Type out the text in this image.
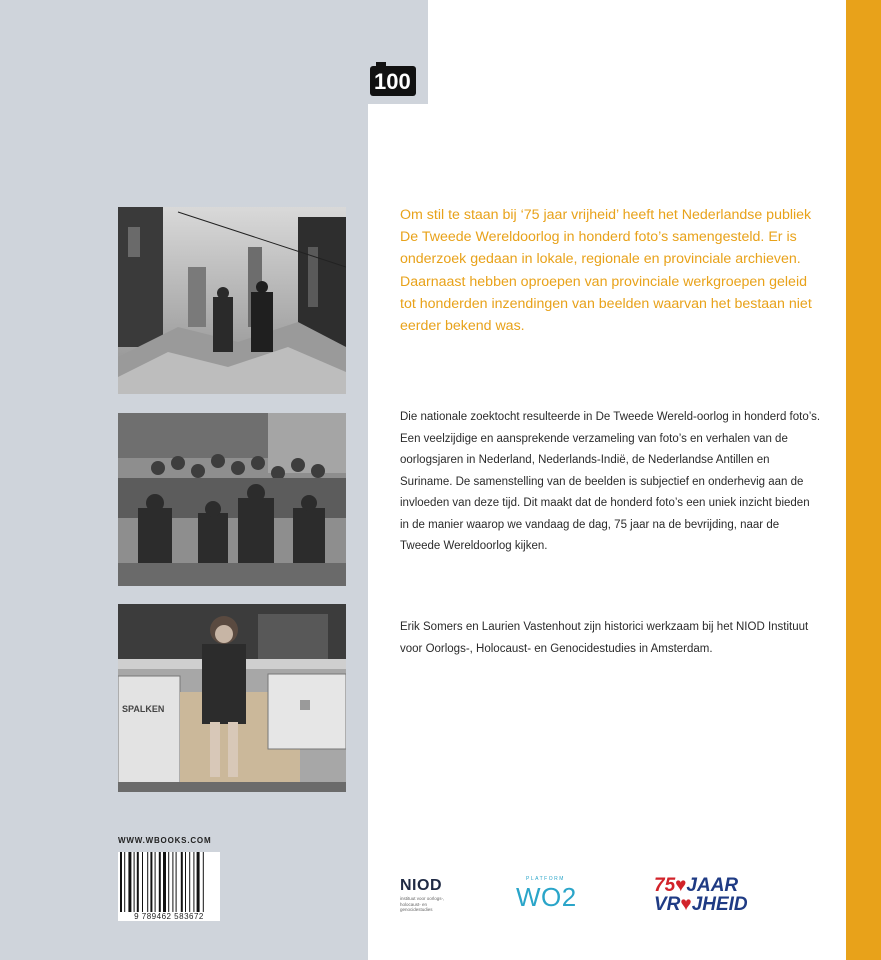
100
SPALKEN
WWW.WBOOKS.COM
9 789462 583672

Om stil te staan bij ‘75 jaar vrijheid’ heeft het Nederlandse publiek De Tweede Wereldoorlog in honderd foto’s samengesteld. Er is onderzoek gedaan in lokale, regionale en provinciale archieven. Daarnaast hebben oproepen van provinciale werkgroepen geleid tot honderden inzendingen van beelden waarvan het bestaan niet eerder bekend was.

Die nationale zoektocht resulteerde in De Tweede Wereld-oorlog in honderd foto’s. Een veelzijdige en aansprekende verzameling van foto’s en verhalen van de oorlogsjaren in Nederland, Nederlands-Indië, de Nederlandse Antillen en Suriname. De samenstelling van de beelden is subjectief en onderhevig aan de invloeden van deze tijd. Dit maakt dat de honderd foto’s een uniek inzicht bieden in de manier waarop we vandaag de dag, 75 jaar na de bevrijding, naar de Tweede Wereldoorlog kijken.

Erik Somers en Laurien Vastenhout zijn historici werkzaam bij het NIOD Instituut voor Oorlogs-, Holocaust- en Genocidestudies in Amsterdam.

NIOD
instituut voor oorlogs-, holocaust- en genocidestudies
PLATFORM
WO2	75♥JAAR
VR♥JHEID
